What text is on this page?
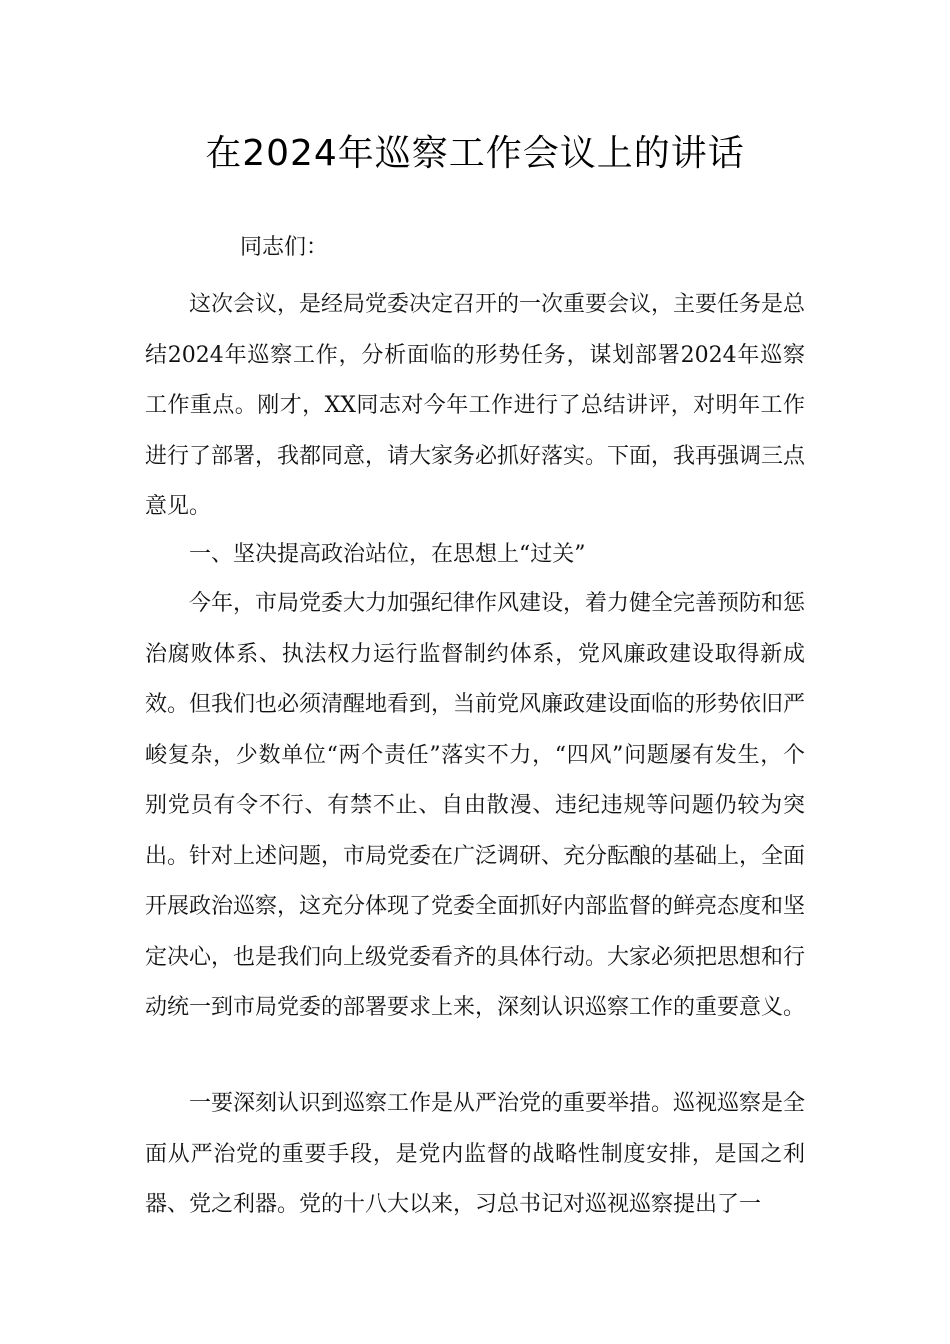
在2024年巡察工作会议上的讲话
同志们：

这次会议，是经局党委决定召开的一次重要会议，主要任务是总结2024年巡察工作，分析面临的形势任务，谋划部署2024年巡察工作重点。刚才，XX同志对今年工作进行了总结讲评，对明年工作进行了部署，我都同意，请大家务必抓好落实。下面，我再强调三点意见。

一、坚决提高政治站位，在思想上“过关”

今年，市局党委大力加强纪律作风建设，着力健全完善预防和惩治腐败体系、执法权力运行监督制约体系，党风廉政建设取得新成效。但我们也必须清醒地看到，当前党风廉政建设面临的形势依旧严峻复杂，少数单位“两个责任”落实不力，“四风”问题屡有发生，个别党员有令不行、有禁不止、自由散漫、违纪违规等问题仍较为突出。针对上述问题，市局党委在广泛调研、充分酝酿的基础上，全面开展政治巡察，这充分体现了党委全面抓好内部监督的鲜亮态度和坚定决心，也是我们向上级党委看齐的具体行动。大家必须把思想和行动统一到市局党委的部署要求上来，深刻认识巡察工作的重要意义。

一要深刻认识到巡察工作是从严治党的重要举措。巡视巡察是全面从严治党的重要手段，是党内监督的战略性制度安排，是国之利器、党之利器。党的十八大以来，习总书记对巡视巡察提出了一
